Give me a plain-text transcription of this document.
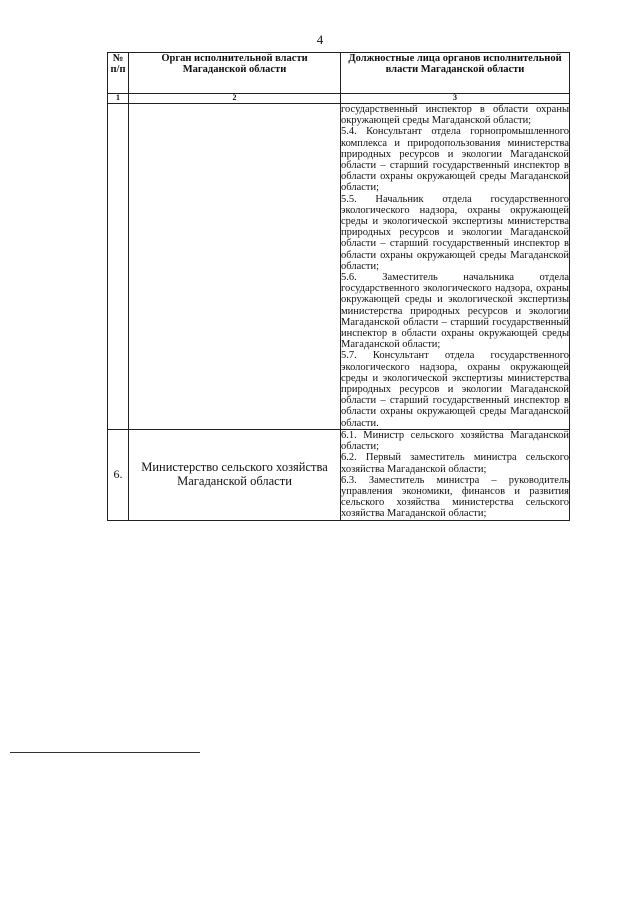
4
№ п/п	Орган исполнительной власти Магаданской области	Должностные лица органов исполнительной власти Магаданской области
1	2	3

		государственный инспектор в области охраны окружающей среды Магаданской области;

5.4. Консультант отдела горнопромышленного комплекса и природопользования министерства природных ресурсов и экологии Магаданской области – старший государственный инспектор в области охраны окружающей среды Магаданской области;

5.5. Начальник отдела государственного экологического надзора, охраны окружающей среды и экологической экспертизы министерства природных ресурсов и экологии Магаданской области – старший государственный инспектор в области охраны окружающей среды Магаданской области;

5.6. Заместитель начальника отдела государственного экологического надзора, охраны окружающей среды и экологической экспертизы министерства природных ресурсов и экологии Магаданской области – старший государственный инспектор в области охраны окружающей среды Магаданской области;

5.7. Консультант отдела государственного экологического надзора, охраны окружающей среды и экологической экспертизы министерства природных ресурсов и экологии Магаданской области – старший государственный инспектор в области охраны окружающей среды Магаданской области.

6.	Министерство сельского хозяйства Магаданской области	6.1. Министр сельского хозяйства Магаданской области;

6.2. Первый заместитель министра сельского хозяйства Магаданской области;

6.3. Заместитель министра – руководитель управления экономики, финансов и развития сельского хозяйства министерства сельского хозяйства Магаданской области;
